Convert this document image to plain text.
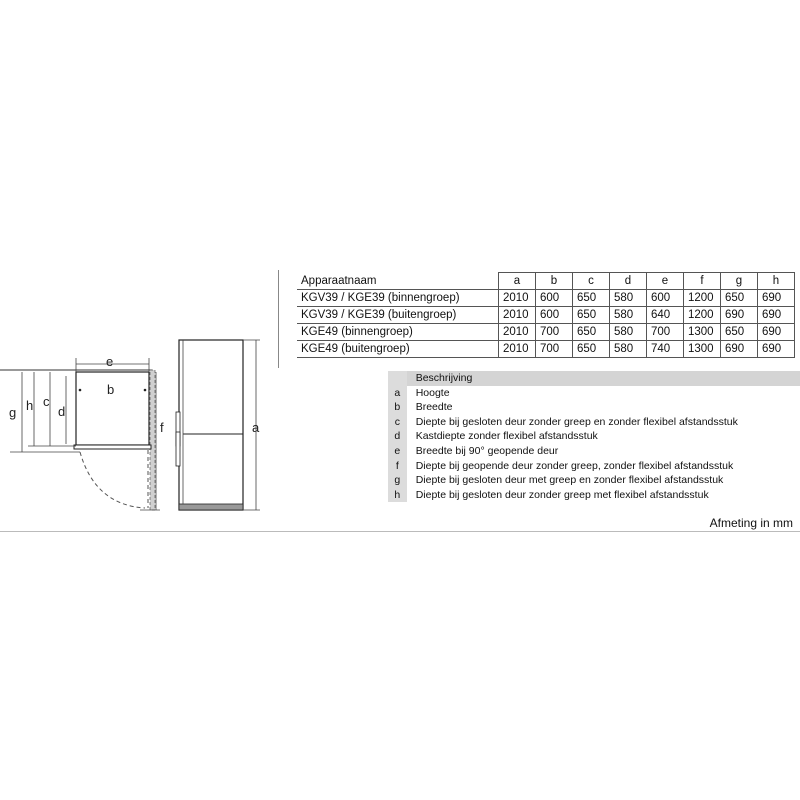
e
b
g h c
d
f	a
Apparaatnaam	a	b	c	d	e	f	g	h
KGV39 / KGE39 (binnengroep)	2010	600	650	580	600	1200	650	690
KGV39 / KGE39 (buitengroep)	2010	600	650	580	640	1200	690	690
KGE49 (binnengroep)	2010	700	650	580	700	1300	650	690
KGE49 (buitengroep)	2010	700	650	580	740	1300	690	690
	Beschrijving
a	Hoogte
b	Breedte
c	Diepte bij gesloten deur zonder greep en zonder flexibel afstandsstuk
d	Kastdiepte zonder flexibel afstandsstuk
e	Breedte bij 90° geopende deur
f	Diepte bij geopende deur zonder greep, zonder flexibel afstandsstuk
g	Diepte bij gesloten deur met greep en zonder flexibel afstandsstuk
h	Diepte bij gesloten deur zonder greep met flexibel afstandsstuk
Afmeting in mm
